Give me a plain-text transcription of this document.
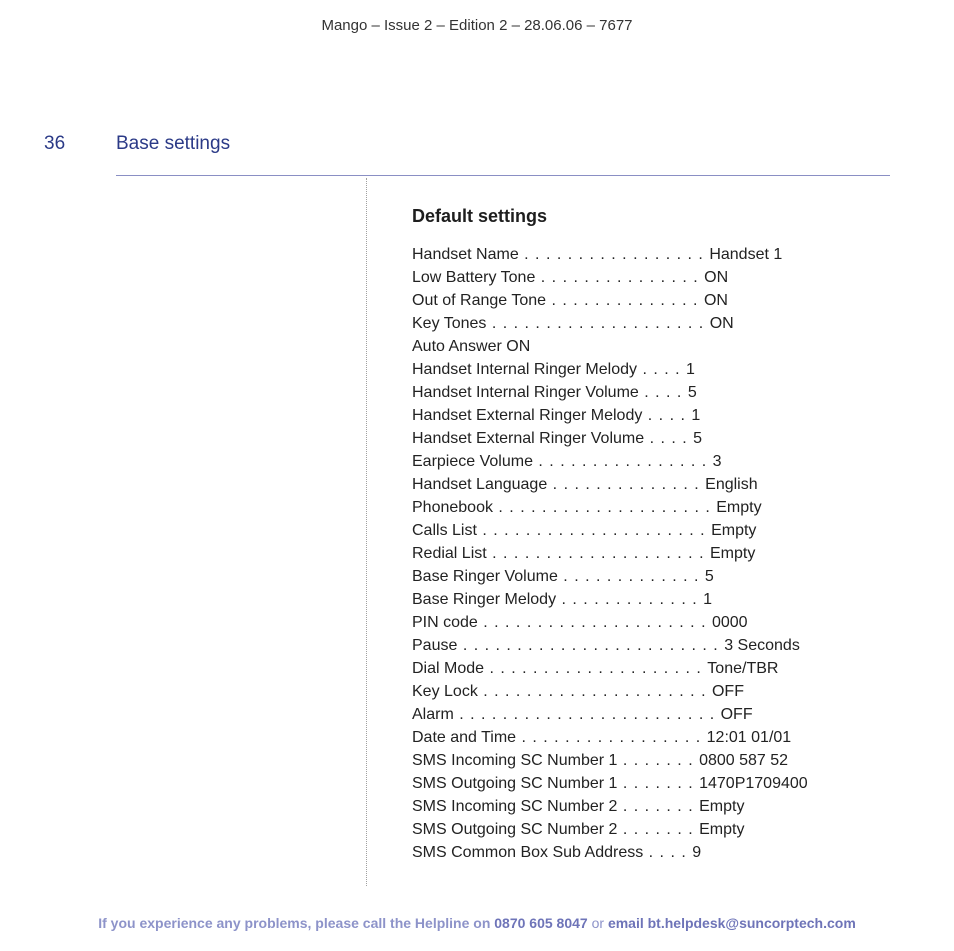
Mango – Issue 2 – Edition 2 – 28.06.06 – 7677
36	Base settings
Default settings
Handset Name . . . . . . . . . . . . . . . . . Handset 1
Low Battery Tone . . . . . . . . . . . . . . . ON
Out of Range Tone . . . . . . . . . . . . . . ON
Key Tones . . . . . . . . . . . . . . . . . . . . ON
Auto Answer ON
Handset Internal Ringer Melody . . . . 1
Handset Internal Ringer Volume . . . . 5
Handset External Ringer Melody . . . . 1
Handset External Ringer Volume . . . . 5
Earpiece Volume . . . . . . . . . . . . . . . . 3
Handset Language . . . . . . . . . . . . . . English
Phonebook . . . . . . . . . . . . . . . . . . . . Empty
Calls List . . . . . . . . . . . . . . . . . . . . . Empty
Redial List . . . . . . . . . . . . . . . . . . . . Empty
Base Ringer Volume . . . . . . . . . . . . . 5
Base Ringer Melody . . . . . . . . . . . . . 1
PIN code . . . . . . . . . . . . . . . . . . . . . 0000
Pause . . . . . . . . . . . . . . . . . . . . . . . . 3 Seconds
Dial Mode . . . . . . . . . . . . . . . . . . . . Tone/TBR
Key Lock . . . . . . . . . . . . . . . . . . . . . OFF
Alarm . . . . . . . . . . . . . . . . . . . . . . . . OFF
Date and Time . . . . . . . . . . . . . . . . . 12:01 01/01
SMS Incoming SC Number 1 . . . . . . . 0800 587 52
SMS Outgoing SC Number 1 . . . . . . . 1470P1709400
SMS Incoming SC Number 2 . . . . . . . Empty
SMS Outgoing SC Number 2 . . . . . . . Empty
SMS Common Box Sub Address . . . . 9
If you experience any problems, please call the Helpline on 0870 605 8047 or email bt.helpdesk@suncorptech.com
